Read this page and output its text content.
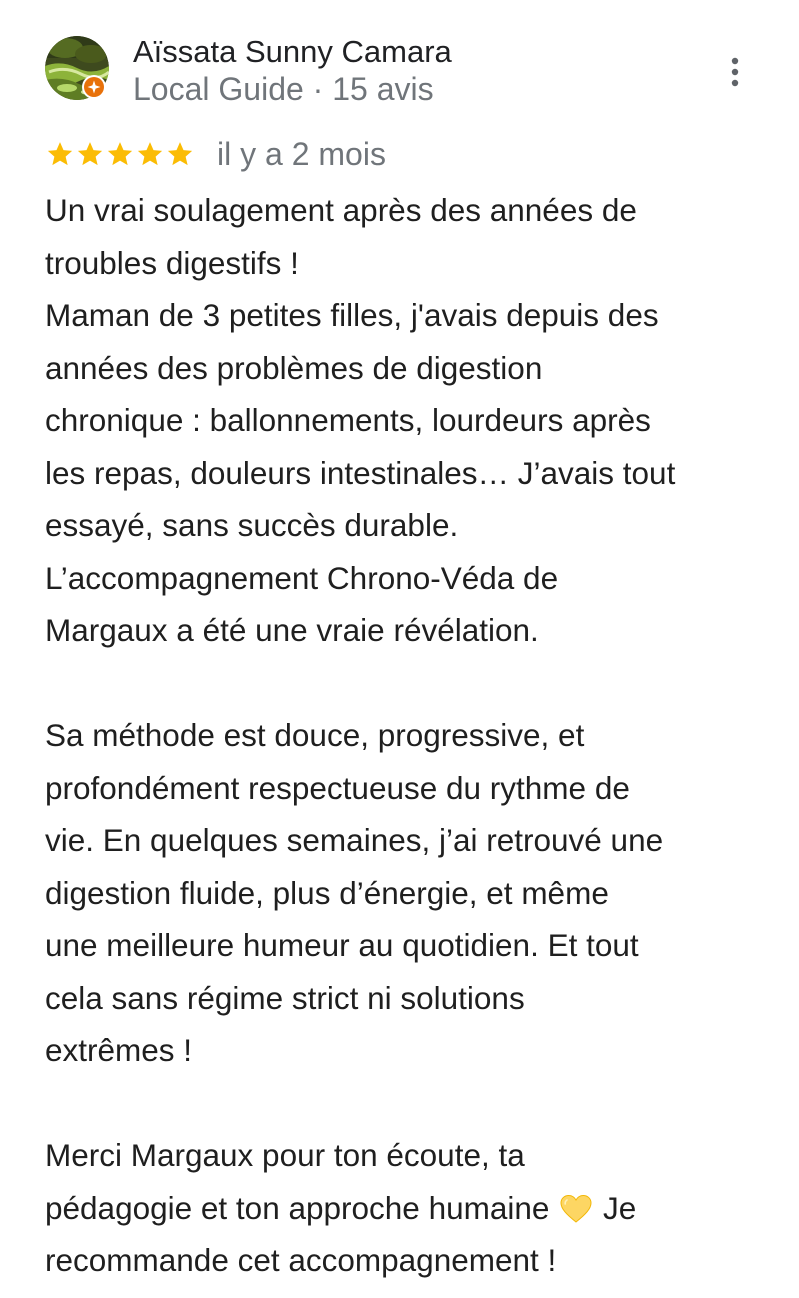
Aïssata Sunny Camara
Local Guide · 15 avis
il y a 2 mois
Un vrai soulagement après des années de
troubles digestifs !
Maman de 3 petites filles, j'avais depuis des
années des problèmes de digestion
chronique : ballonnements, lourdeurs après
les repas, douleurs intestinales… J’avais tout
essayé, sans succès durable.
L’accompagnement Chrono-Véda de
Margaux a été une vraie révélation.
Sa méthode est douce, progressive, et
profondément respectueuse du rythme de
vie. En quelques semaines, j’ai retrouvé une
digestion fluide, plus d’énergie, et même
une meilleure humeur au quotidien. Et tout
cela sans régime strict ni solutions
extrêmes !
Merci Margaux pour ton écoute, ta
pédagogie et ton approche humaine Je
recommande cet accompagnement !
